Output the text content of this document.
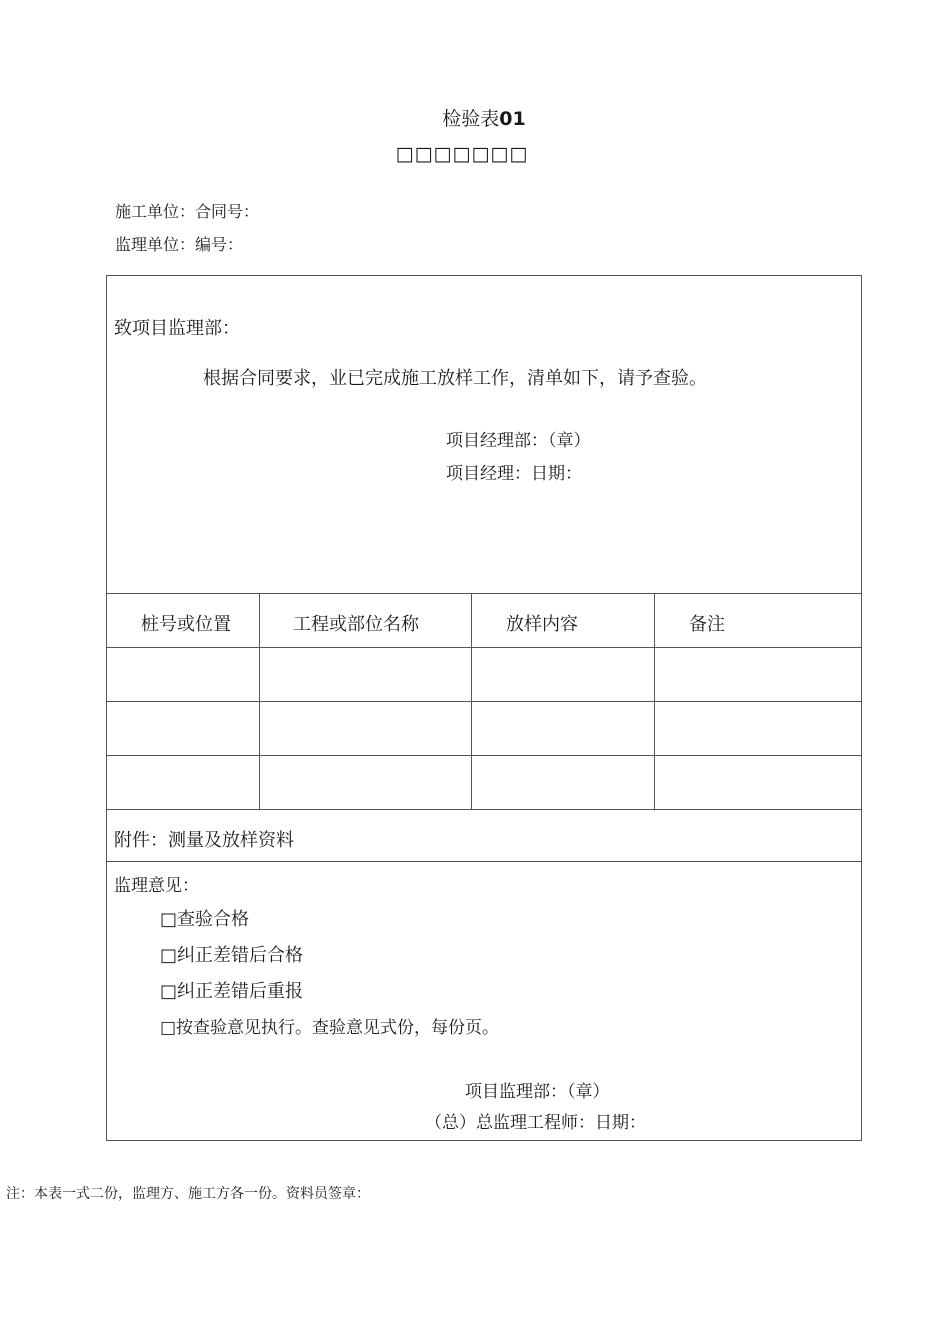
检验表01
□□□□□□□
施工单位：合同号：
监理单位：编号：
致项目监理部：
根据合同要求，业已完成施工放样工作，清单如下，请予查验。
项目经理部：（章）
项目经理：日期：
桩号或位置	工程或部位名称	放样内容	备注
附件：测量及放样资料
监理意见：
□查验合格
□纠正差错后合格
□纠正差错后重报
□按查验意见执行。查验意见式份，每份页。
项目监理部：（章）
（总）总监理工程师：日期：
注：本表一式二份，监理方、施工方各一份。资料员签章：
